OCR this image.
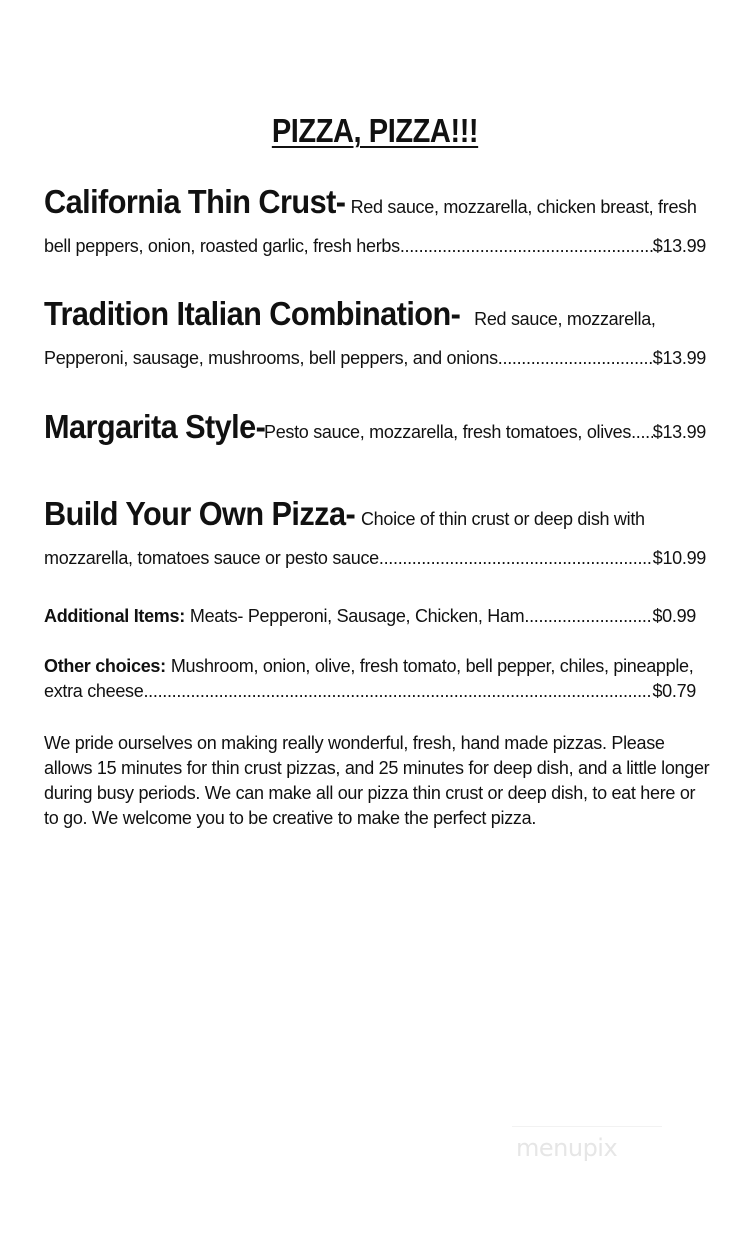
PIZZA, PIZZA!!!
California Thin Crust- Red sauce, mozzarella, chicken breast, fresh
bell peppers, onion, roasted garlic, fresh herbs .....	$13.99
Tradition Italian Combination- Red sauce, mozzarella,
Pepperoni, sausage, mushrooms, bell peppers, and onions .....	$13.99
Margarita Style-
Pesto sauce, mozzarella, fresh tomatoes, olives ..... $13.99
Build Your Own Pizza- Choice of thin crust or deep dish with
mozzarella, tomatoes sauce or pesto sauce .....	$10.99
Additional Items: Meats- Pepperoni, Sausage, Chicken, Ham .....	$0.99
Other choices: Mushroom, onion, olive, fresh tomato, bell pepper, chiles, pineapple,
extra cheese .....	$0.79
We pride ourselves on making really wonderful, fresh, hand made pizzas. Please allows 15 minutes for thin crust pizzas, and 25 minutes for deep dish, and a little longer during busy periods. We can make all our pizza thin crust or deep dish, to eat here or to go. We welcome you to be creative to make the perfect pizza.
menupix
